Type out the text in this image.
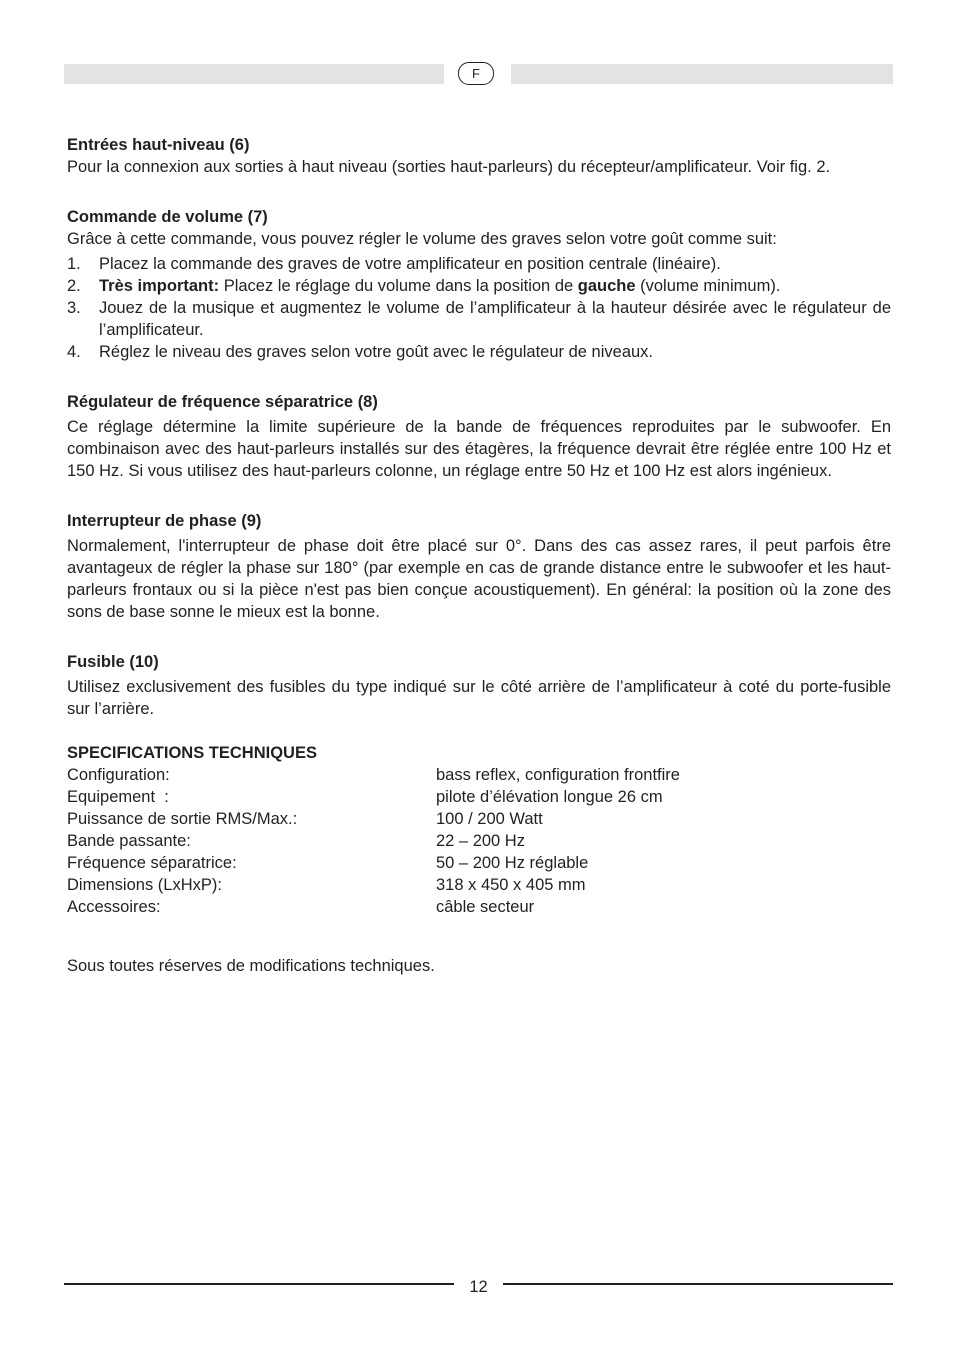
F
Entrées haut-niveau (6)

Pour la connexion aux sorties à haut niveau (sorties haut-parleurs) du récepteur/amplificateur. Voir fig. 2.

Commande de volume (7)

Grâce à cette commande, vous pouvez régler le volume des graves selon votre goût comme suit:

1. Placez la commande des graves de votre amplificateur en position centrale (linéaire).
2. Très important: Placez le réglage du volume dans la position de gauche (volume minimum).
3. Jouez de la musique et augmentez le volume de l’amplificateur à la hauteur désirée avec le régulateur de l’amplificateur.
4. Réglez le niveau des graves selon votre goût avec le régulateur de niveaux.
Régulateur de fréquence séparatrice (8)

Ce réglage détermine la limite supérieure de la bande de fréquences reproduites par le subwoofer. En combinaison avec des haut-parleurs installés sur des étagères, la fréquence devrait être réglée entre 100 Hz et 150 Hz. Si vous utilisez des haut-parleurs colonne, un réglage entre 50 Hz et 100 Hz est alors ingénieux.

Interrupteur de phase (9)

Normalement, l'interrupteur de phase doit être placé sur 0°. Dans des cas assez rares, il peut parfois être avantageux de régler la phase sur 180° (par exemple en cas de grande distance entre le subwoofer et les haut-parleurs frontaux ou si la pièce n'est pas bien conçue acoustiquement). En général: la position où la zone des sons de base sonne le mieux est la bonne.

Fusible (10)

Utilisez exclusivement des fusibles du type indiqué sur le côté arrière de l’amplificateur à coté du porte-fusible sur l’arrière.

SPECIFICATIONS TECHNIQUES
Configuration:	bass reflex, configuration frontfire
Equipement  :	pilote d’élévation longue 26 cm
Puissance de sortie RMS/Max.:	100 / 200 Watt
Bande passante:	22 – 200 Hz
Fréquence séparatrice:	50 – 200 Hz réglable
Dimensions (LxHxP):	318 x 450 x 405 mm
Accessoires:	câble secteur

Sous toutes réserves de modifications techniques.

12
